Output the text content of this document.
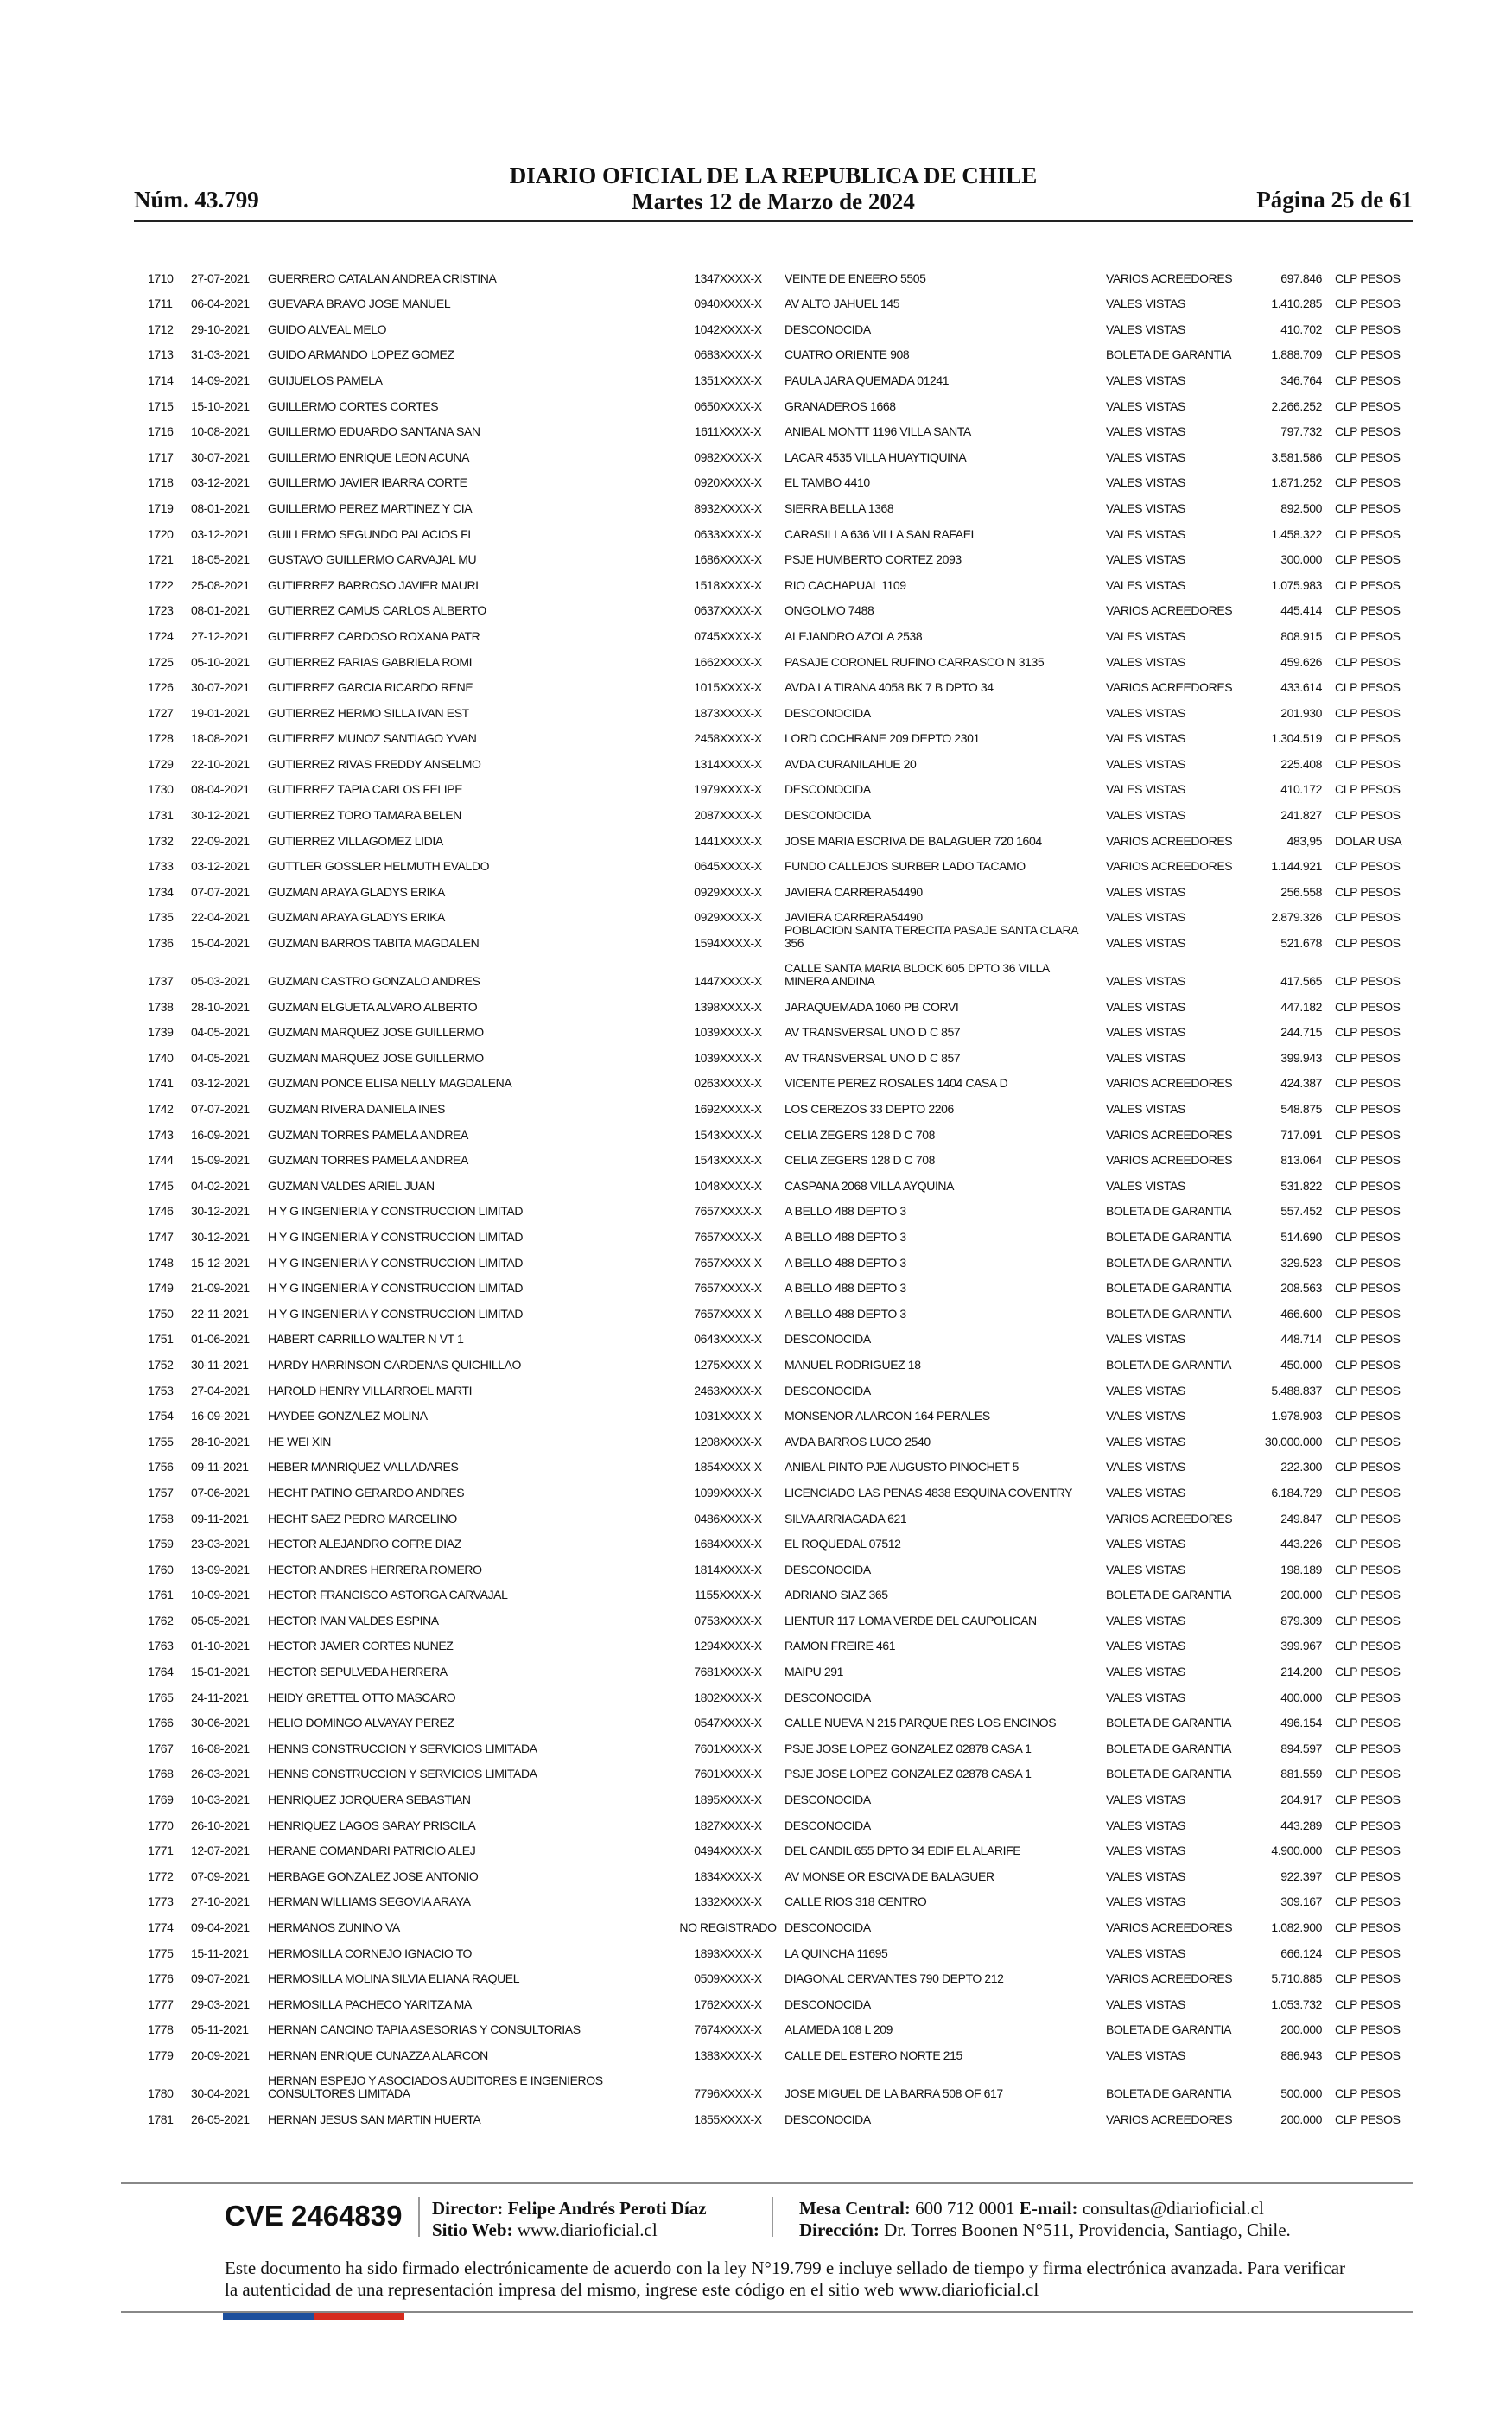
Núm. 43.799
DIARIO OFICIAL DE LA REPUBLICA DE CHILE
Martes 12 de Marzo de 2024	Página 25 de 61
1710 27-07-2021 GUERRERO CATALAN ANDREA CRISTINA	1347XXXX-X	VEINTE DE ENEERO 5505	VARIOS ACREEDORES	697.846 CLP PESOS
1711 06-04-2021 GUEVARA BRAVO JOSE MANUEL	0940XXXX-X	AV ALTO JAHUEL 145	VALES VISTAS	1.410.285 CLP PESOS
1712 29-10-2021 GUIDO ALVEAL MELO	1042XXXX-X	DESCONOCIDA	VALES VISTAS	410.702 CLP PESOS
1713 31-03-2021 GUIDO ARMANDO LOPEZ GOMEZ	0683XXXX-X	CUATRO ORIENTE 908	BOLETA DE GARANTIA	1.888.709 CLP PESOS
1714 14-09-2021 GUIJUELOS PAMELA	1351XXXX-X	PAULA JARA QUEMADA 01241	VALES VISTAS	346.764 CLP PESOS
1715 15-10-2021 GUILLERMO CORTES CORTES	0650XXXX-X	GRANADEROS 1668	VALES VISTAS	2.266.252 CLP PESOS
1716 10-08-2021 GUILLERMO EDUARDO SANTANA SAN	1611XXXX-X	ANIBAL MONTT 1196 VILLA SANTA	VALES VISTAS	797.732 CLP PESOS
1717 30-07-2021 GUILLERMO ENRIQUE LEON ACUNA	0982XXXX-X	LACAR 4535 VILLA HUAYTIQUINA	VALES VISTAS	3.581.586 CLP PESOS
1718 03-12-2021 GUILLERMO JAVIER IBARRA CORTE	0920XXXX-X	EL TAMBO 4410	VALES VISTAS	1.871.252 CLP PESOS
1719 08-01-2021 GUILLERMO PEREZ MARTINEZ Y CIA	8932XXXX-X	SIERRA BELLA 1368	VALES VISTAS	892.500 CLP PESOS
1720 03-12-2021 GUILLERMO SEGUNDO PALACIOS FI	0633XXXX-X	CARASILLA 636 VILLA SAN RAFAEL	VALES VISTAS	1.458.322 CLP PESOS
1721 18-05-2021 GUSTAVO GUILLERMO CARVAJAL MU	1686XXXX-X	PSJE HUMBERTO CORTEZ 2093	VALES VISTAS	300.000 CLP PESOS
1722 25-08-2021 GUTIERREZ BARROSO JAVIER MAURI	1518XXXX-X	RIO CACHAPUAL 1109	VALES VISTAS	1.075.983 CLP PESOS
1723 08-01-2021 GUTIERREZ CAMUS CARLOS ALBERTO	0637XXXX-X	ONGOLMO 7488	VARIOS ACREEDORES	445.414 CLP PESOS
1724 27-12-2021 GUTIERREZ CARDOSO ROXANA PATR	0745XXXX-X	ALEJANDRO AZOLA 2538	VALES VISTAS	808.915 CLP PESOS
1725 05-10-2021 GUTIERREZ FARIAS GABRIELA ROMI	1662XXXX-X	PASAJE CORONEL RUFINO CARRASCO N 3135	VALES VISTAS	459.626 CLP PESOS
1726 30-07-2021 GUTIERREZ GARCIA RICARDO RENE	1015XXXX-X	AVDA LA TIRANA 4058 BK 7 B DPTO 34	VARIOS ACREEDORES	433.614 CLP PESOS
1727 19-01-2021 GUTIERREZ HERMO SILLA IVAN EST	1873XXXX-X	DESCONOCIDA	VALES VISTAS	201.930 CLP PESOS
1728 18-08-2021 GUTIERREZ MUNOZ SANTIAGO YVAN	2458XXXX-X	LORD COCHRANE 209 DEPTO 2301	VALES VISTAS	1.304.519 CLP PESOS
1729 22-10-2021 GUTIERREZ RIVAS FREDDY ANSELMO	1314XXXX-X	AVDA CURANILAHUE 20	VALES VISTAS	225.408 CLP PESOS
1730 08-04-2021 GUTIERREZ TAPIA CARLOS FELIPE	1979XXXX-X	DESCONOCIDA	VALES VISTAS	410.172 CLP PESOS
1731 30-12-2021 GUTIERREZ TORO TAMARA BELEN	2087XXXX-X	DESCONOCIDA	VALES VISTAS	241.827 CLP PESOS
1732 22-09-2021 GUTIERREZ VILLAGOMEZ LIDIA	1441XXXX-X	JOSE MARIA ESCRIVA DE BALAGUER 720 1604	VARIOS ACREEDORES	483,95 DOLAR USA
1733 03-12-2021 GUTTLER GOSSLER HELMUTH EVALDO	0645XXXX-X	FUNDO CALLEJOS SURBER LADO TACAMO	VARIOS ACREEDORES	1.144.921 CLP PESOS
1734 07-07-2021 GUZMAN ARAYA GLADYS ERIKA	0929XXXX-X	JAVIERA CARRERA54490	VALES VISTAS	256.558 CLP PESOS
1735 22-04-2021 GUZMAN ARAYA GLADYS ERIKA	0929XXXX-X	JAVIERA CARRERA54490	VALES VISTAS	2.879.326 CLP PESOS
1736 15-04-2021 GUZMAN BARROS TABITA MAGDALEN	1594XXXX-X
POBLACION SANTA TERECITA PASAJE SANTA CLARA 356	VALES VISTAS	521.678 CLP PESOS
1737 05-03-2021 GUZMAN CASTRO GONZALO ANDRES	1447XXXX-X
CALLE SANTA MARIA BLOCK 605 DPTO 36 VILLA MINERA ANDINA	VALES VISTAS	417.565 CLP PESOS
1738 28-10-2021 GUZMAN ELGUETA ALVARO ALBERTO	1398XXXX-X	JARAQUEMADA 1060 PB CORVI	VALES VISTAS	447.182 CLP PESOS
1739 04-05-2021 GUZMAN MARQUEZ JOSE GUILLERMO	1039XXXX-X	AV TRANSVERSAL UNO D C 857	VALES VISTAS	244.715 CLP PESOS
1740 04-05-2021 GUZMAN MARQUEZ JOSE GUILLERMO	1039XXXX-X	AV TRANSVERSAL UNO D C 857	VALES VISTAS	399.943 CLP PESOS
1741 03-12-2021 GUZMAN PONCE ELISA NELLY MAGDALENA	0263XXXX-X	VICENTE PEREZ ROSALES 1404 CASA D	VARIOS ACREEDORES	424.387 CLP PESOS
1742 07-07-2021 GUZMAN RIVERA DANIELA INES	1692XXXX-X	LOS CEREZOS 33 DEPTO 2206	VALES VISTAS	548.875 CLP PESOS
1743 16-09-2021 GUZMAN TORRES PAMELA ANDREA	1543XXXX-X	CELIA ZEGERS 128 D C 708	VARIOS ACREEDORES	717.091 CLP PESOS
1744 15-09-2021 GUZMAN TORRES PAMELA ANDREA	1543XXXX-X	CELIA ZEGERS 128 D C 708	VARIOS ACREEDORES	813.064 CLP PESOS
1745 04-02-2021 GUZMAN VALDES ARIEL JUAN	1048XXXX-X	CASPANA 2068 VILLA AYQUINA	VALES VISTAS	531.822 CLP PESOS
1746 30-12-2021 H Y G INGENIERIA Y CONSTRUCCION LIMITAD	7657XXXX-X	A BELLO 488 DEPTO 3	BOLETA DE GARANTIA	557.452 CLP PESOS
1747 30-12-2021 H Y G INGENIERIA Y CONSTRUCCION LIMITAD	7657XXXX-X	A BELLO 488 DEPTO 3	BOLETA DE GARANTIA	514.690 CLP PESOS
1748 15-12-2021 H Y G INGENIERIA Y CONSTRUCCION LIMITAD	7657XXXX-X	A BELLO 488 DEPTO 3	BOLETA DE GARANTIA	329.523 CLP PESOS
1749 21-09-2021 H Y G INGENIERIA Y CONSTRUCCION LIMITAD	7657XXXX-X	A BELLO 488 DEPTO 3	BOLETA DE GARANTIA	208.563 CLP PESOS
1750 22-11-2021 H Y G INGENIERIA Y CONSTRUCCION LIMITAD	7657XXXX-X	A BELLO 488 DEPTO 3	BOLETA DE GARANTIA	466.600 CLP PESOS
1751 01-06-2021 HABERT CARRILLO WALTER N VT 1	0643XXXX-X	DESCONOCIDA	VALES VISTAS	448.714 CLP PESOS
1752 30-11-2021 HARDY HARRINSON CARDENAS QUICHILLAO	1275XXXX-X	MANUEL RODRIGUEZ 18	BOLETA DE GARANTIA	450.000 CLP PESOS
1753 27-04-2021 HAROLD HENRY VILLARROEL MARTI	2463XXXX-X	DESCONOCIDA	VALES VISTAS	5.488.837 CLP PESOS
1754 16-09-2021 HAYDEE GONZALEZ MOLINA	1031XXXX-X	MONSENOR ALARCON 164 PERALES	VALES VISTAS	1.978.903 CLP PESOS
1755 28-10-2021 HE WEI XIN	1208XXXX-X	AVDA BARROS LUCO 2540	VALES VISTAS	30.000.000 CLP PESOS
1756 09-11-2021 HEBER MANRIQUEZ VALLADARES	1854XXXX-X	ANIBAL PINTO PJE AUGUSTO PINOCHET 5	VALES VISTAS	222.300 CLP PESOS
1757 07-06-2021 HECHT PATINO GERARDO ANDRES	1099XXXX-X	LICENCIADO LAS PENAS 4838 ESQUINA COVENTRY	VALES VISTAS	6.184.729 CLP PESOS
1758 09-11-2021 HECHT SAEZ PEDRO MARCELINO	0486XXXX-X	SILVA ARRIAGADA 621	VARIOS ACREEDORES	249.847 CLP PESOS
1759 23-03-2021 HECTOR ALEJANDRO COFRE DIAZ	1684XXXX-X	EL ROQUEDAL 07512	VALES VISTAS	443.226 CLP PESOS
1760 13-09-2021 HECTOR ANDRES HERRERA ROMERO	1814XXXX-X	DESCONOCIDA	VALES VISTAS	198.189 CLP PESOS
1761 10-09-2021 HECTOR FRANCISCO ASTORGA CARVAJAL	1155XXXX-X	ADRIANO SIAZ 365	BOLETA DE GARANTIA	200.000 CLP PESOS
1762 05-05-2021 HECTOR IVAN VALDES ESPINA	0753XXXX-X	LIENTUR 117 LOMA VERDE DEL CAUPOLICAN	VALES VISTAS	879.309 CLP PESOS
1763 01-10-2021 HECTOR JAVIER CORTES NUNEZ	1294XXXX-X	RAMON FREIRE 461	VALES VISTAS	399.967 CLP PESOS
1764 15-01-2021 HECTOR SEPULVEDA HERRERA	7681XXXX-X	MAIPU 291	VALES VISTAS	214.200 CLP PESOS
1765 24-11-2021 HEIDY GRETTEL OTTO MASCARO	1802XXXX-X	DESCONOCIDA	VALES VISTAS	400.000 CLP PESOS
1766 30-06-2021 HELIO DOMINGO ALVAYAY PEREZ	0547XXXX-X	CALLE NUEVA N 215 PARQUE RES LOS ENCINOS	BOLETA DE GARANTIA	496.154 CLP PESOS
1767 16-08-2021 HENNS CONSTRUCCION Y SERVICIOS LIMITADA	7601XXXX-X	PSJE JOSE LOPEZ GONZALEZ 02878 CASA 1	BOLETA DE GARANTIA	894.597 CLP PESOS
1768 26-03-2021 HENNS CONSTRUCCION Y SERVICIOS LIMITADA	7601XXXX-X	PSJE JOSE LOPEZ GONZALEZ 02878 CASA 1	BOLETA DE GARANTIA	881.559 CLP PESOS
1769 10-03-2021 HENRIQUEZ JORQUERA SEBASTIAN	1895XXXX-X	DESCONOCIDA	VALES VISTAS	204.917 CLP PESOS
1770 26-10-2021 HENRIQUEZ LAGOS SARAY PRISCILA	1827XXXX-X	DESCONOCIDA	VALES VISTAS	443.289 CLP PESOS
1771 12-07-2021 HERANE COMANDARI PATRICIO ALEJ	0494XXXX-X	DEL CANDIL 655 DPTO 34 EDIF EL ALARIFE	VALES VISTAS	4.900.000 CLP PESOS
1772 07-09-2021 HERBAGE GONZALEZ JOSE ANTONIO	1834XXXX-X	AV MONSE OR ESCIVA DE BALAGUER	VALES VISTAS	922.397 CLP PESOS
1773 27-10-2021 HERMAN WILLIAMS SEGOVIA ARAYA	1332XXXX-X	CALLE RIOS 318 CENTRO	VALES VISTAS	309.167 CLP PESOS
1774 09-04-2021 HERMANOS ZUNINO VA	NO REGISTRADO DESCONOCIDA	VARIOS ACREEDORES	1.082.900 CLP PESOS
1775 15-11-2021 HERMOSILLA CORNEJO IGNACIO TO	1893XXXX-X	LA QUINCHA 11695	VALES VISTAS	666.124 CLP PESOS
1776 09-07-2021 HERMOSILLA MOLINA SILVIA ELIANA RAQUEL	0509XXXX-X	DIAGONAL CERVANTES 790 DEPTO 212	VARIOS ACREEDORES	5.710.885 CLP PESOS
1777 29-03-2021 HERMOSILLA PACHECO YARITZA MA	1762XXXX-X	DESCONOCIDA	VALES VISTAS	1.053.732 CLP PESOS
1778 05-11-2021 HERNAN CANCINO TAPIA ASESORIAS Y CONSULTORIAS	7674XXXX-X	ALAMEDA 108 L 209	BOLETA DE GARANTIA	200.000 CLP PESOS
1779 20-09-2021 HERNAN ENRIQUE CUNAZZA ALARCON	1383XXXX-X	CALLE DEL ESTERO NORTE 215	VALES VISTAS	886.943 CLP PESOS
1780 30-04-2021
HERNAN ESPEJO Y ASOCIADOS AUDITORES E INGENIEROS CONSULTORES LIMITADA	7796XXXX-X	JOSE MIGUEL DE LA BARRA 508 OF 617	BOLETA DE GARANTIA	500.000 CLP PESOS
1781 26-05-2021 HERNAN JESUS SAN MARTIN HUERTA	1855XXXX-X	DESCONOCIDA	VARIOS ACREEDORES	200.000 CLP PESOS
CVE 2464839 Director: Felipe Andrés Peroti Díaz
Sitio Web: www.diarioficial.cl
Mesa Central: 600 712 0001 E-mail: consultas@diarioficial.cl
Dirección: Dr. Torres Boonen N°511, Providencia, Santiago, Chile.
Este documento ha sido firmado electrónicamente de acuerdo con la ley N°19.799 e incluye sellado de tiempo y firma electrónica avanzada. Para verificar la autenticidad de una representación impresa del mismo, ingrese este código en el sitio web www.diarioficial.cl
